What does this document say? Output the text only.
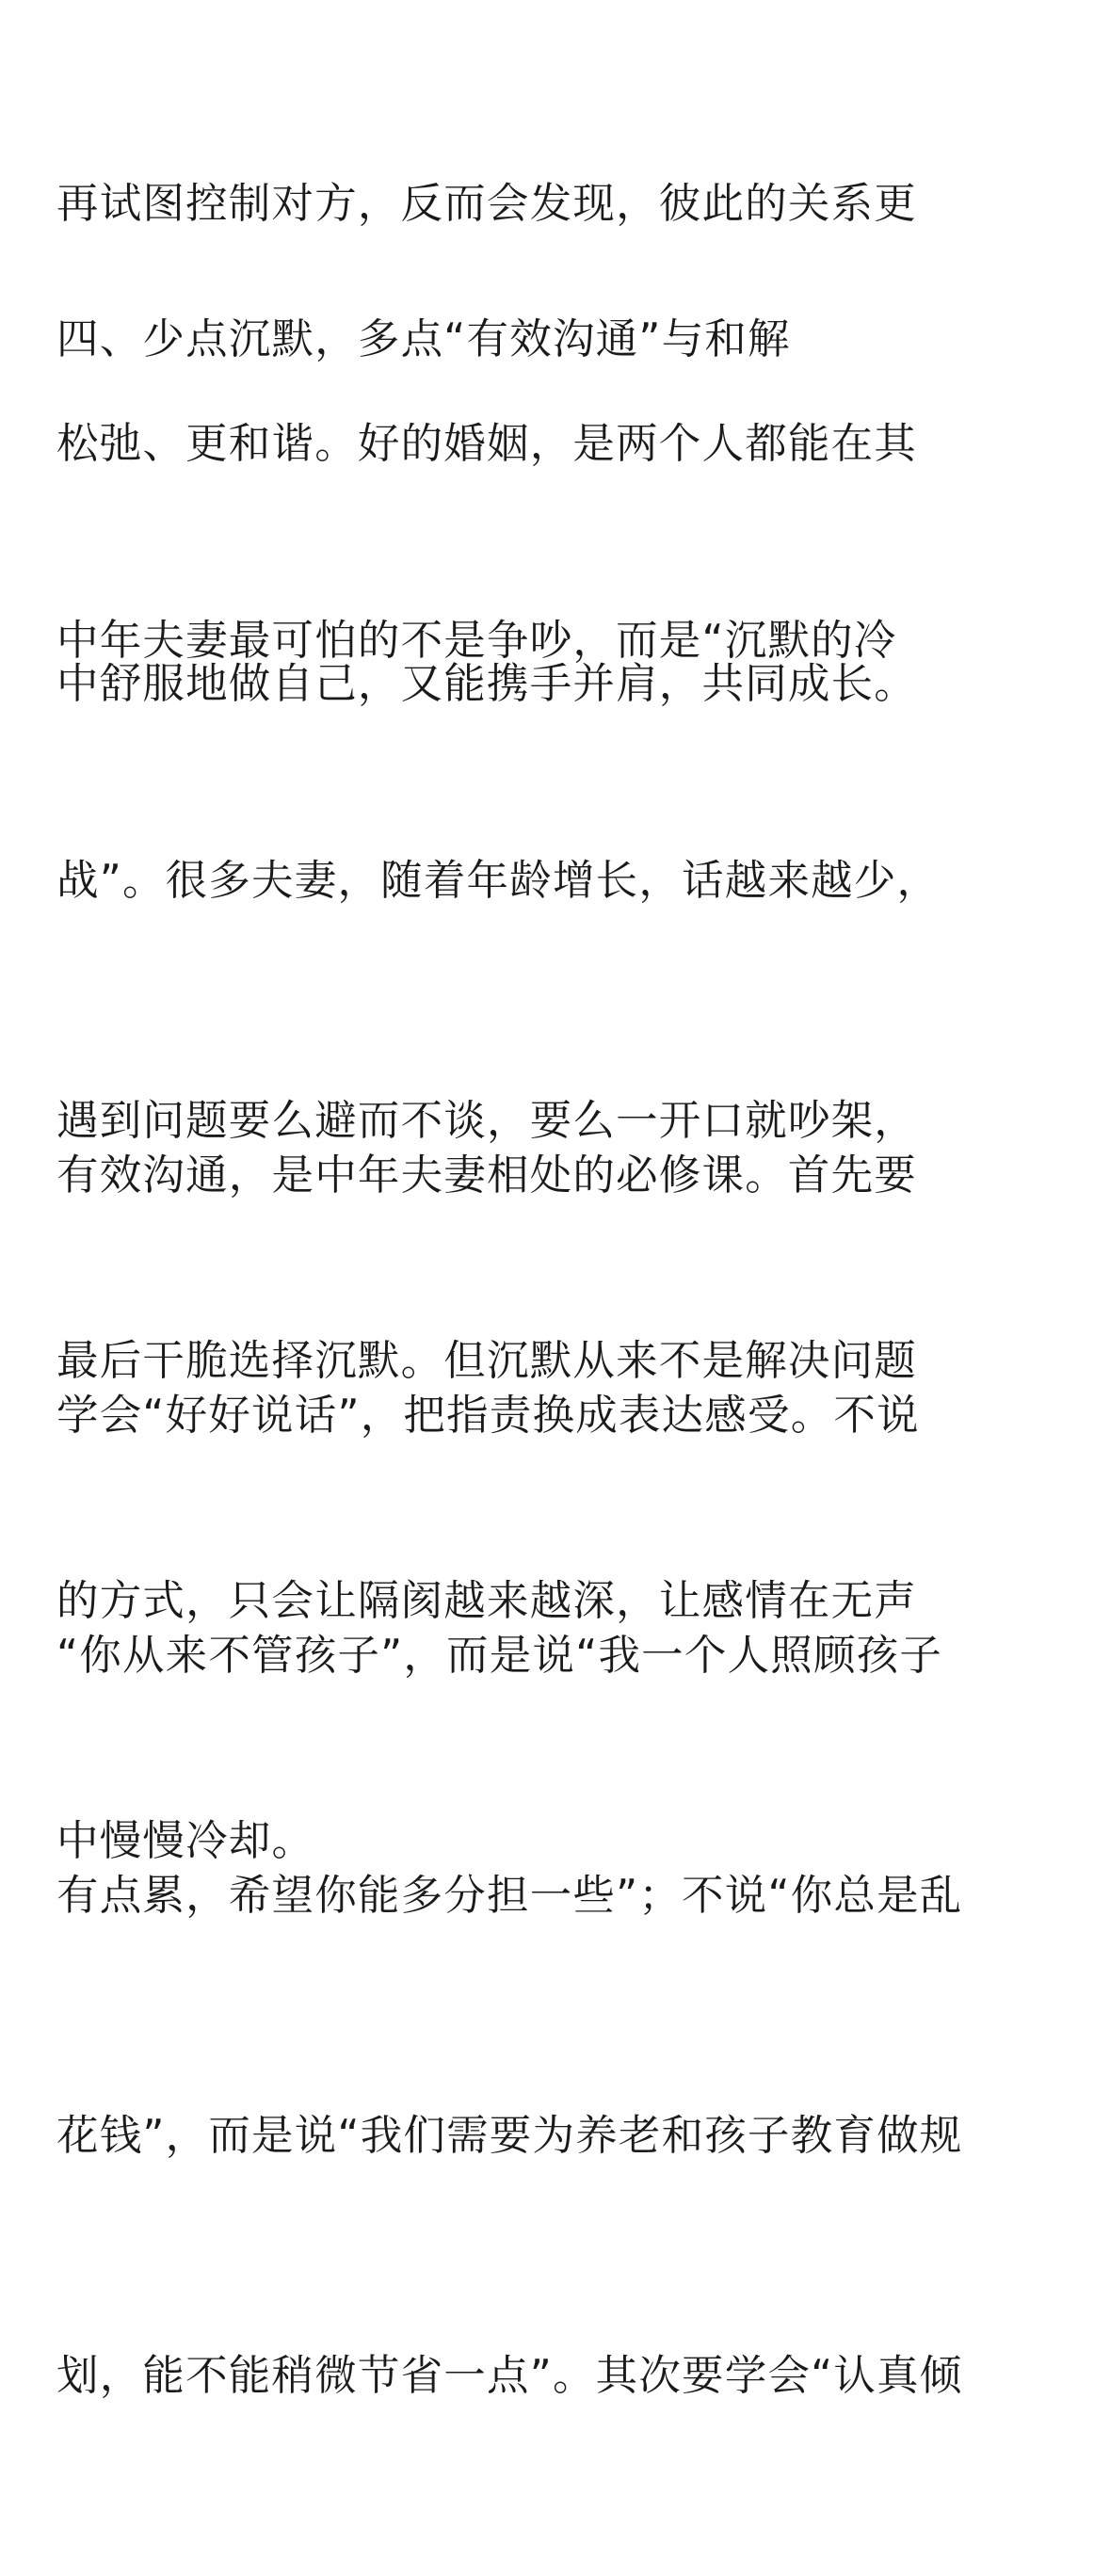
再试图控制对方，反而会发现，彼此的关系更

松弛、更和谐。好的婚姻，是两个人都能在其

中舒服地做自己，又能携手并肩，共同成长。

四、少点沉默，多点“有效沟通”与和解

中年夫妻最可怕的不是争吵，而是“沉默的冷

战”。很多夫妻，随着年龄增长，话越来越少，

遇到问题要么避而不谈，要么一开口就吵架，

最后干脆选择沉默。但沉默从来不是解决问题

的方式，只会让隔阂越来越深，让感情在无声

中慢慢冷却。

有效沟通，是中年夫妻相处的必修课。首先要

学会“好好说话”，把指责换成表达感受。不说

“你从来不管孩子”，而是说“我一个人照顾孩子

有点累，希望你能多分担一些”；不说“你总是乱

花钱”，而是说“我们需要为养老和孩子教育做规

划，能不能稍微节省一点”。其次要学会“认真倾
